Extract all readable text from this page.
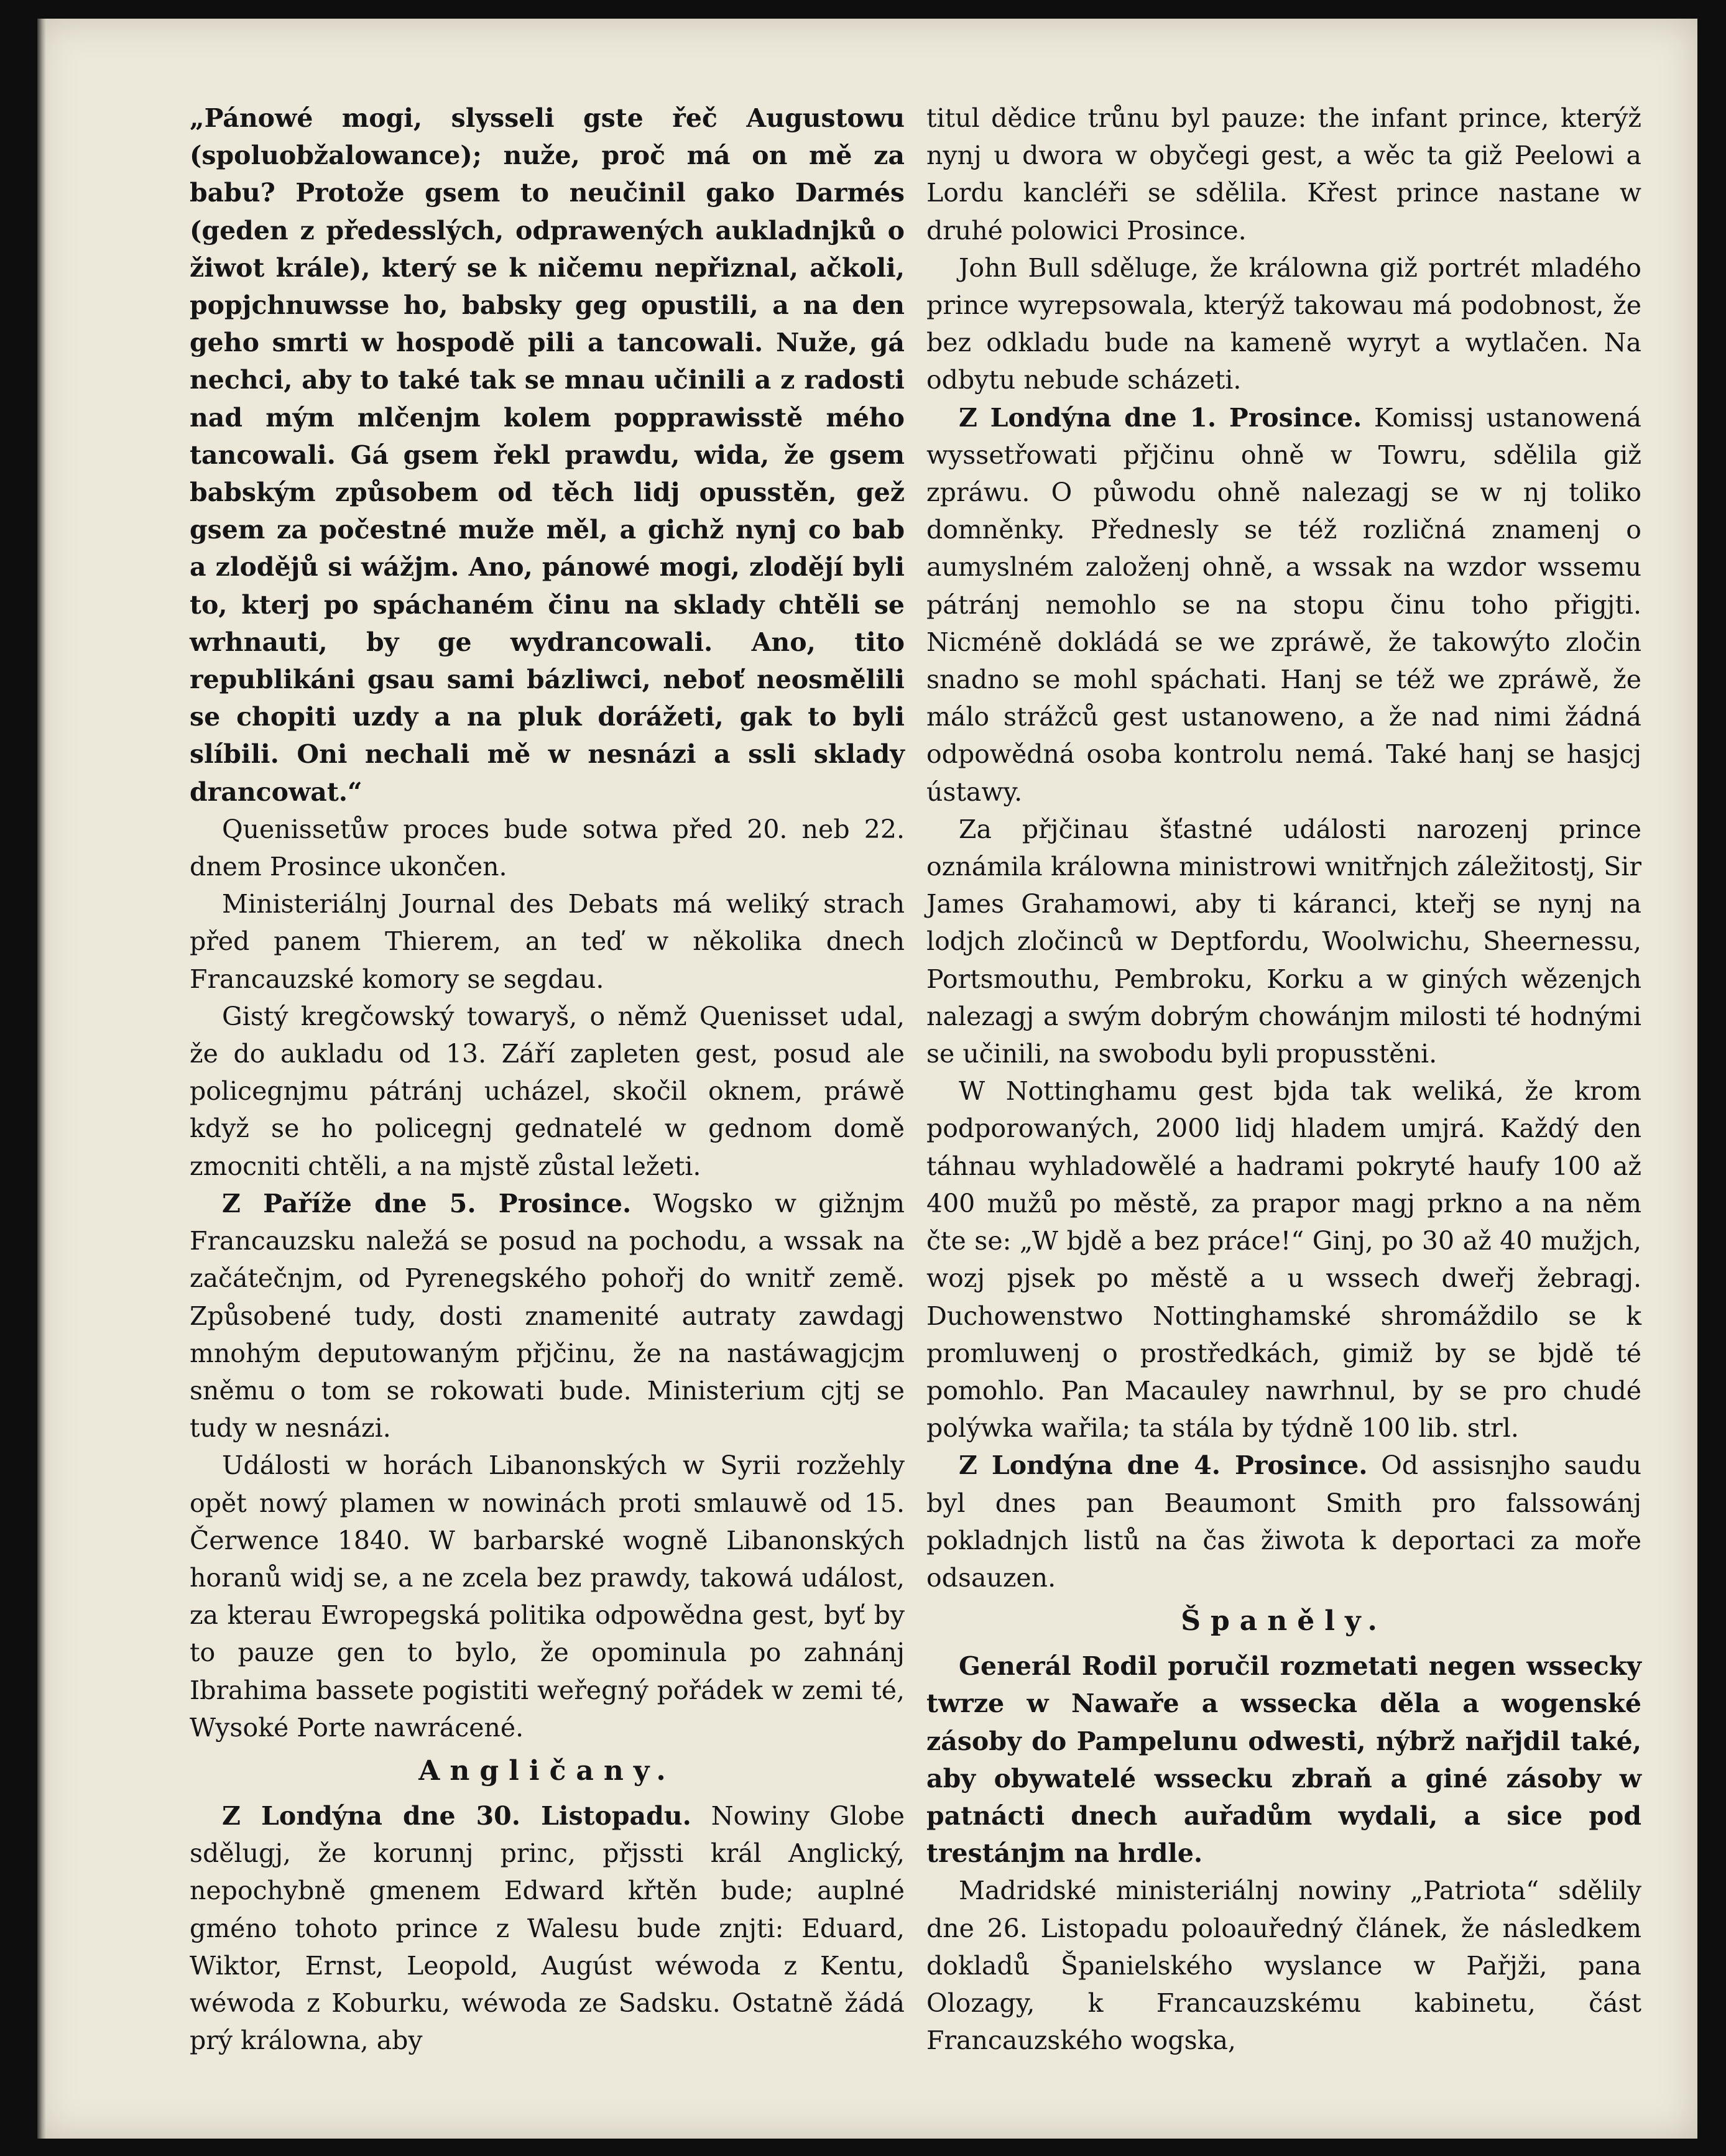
„Pánowé mogi, slysseli gste řeč Augustowu (spoluobžalowance); nuže, proč má on mě za babu? Protože gsem to neučinil gako Darmés (geden z předesslých, odprawených aukladnjků o žiwot krále), který se k ničemu nepřiznal, ačkoli, popjchnuwsse ho, babsky geg opustili, a na den geho smrti w hospodě pili a tancowali. Nuže, gá nechci, aby to také tak se mnau učinili a z radosti nad mým mlčenjm kolem popprawisstě mého tancowali. Gá gsem řekl prawdu, wida, že gsem babským způsobem od těch lidj opusstěn, gež gsem za počestné muže měl, a gichž nynj co bab a zlodějů si wážjm. Ano, pánowé mogi, zlodějí byli to, kterj po spáchaném činu na sklady chtěli se wrhnauti, by ge wydrancowali. Ano, tito republikáni gsau sami bázliwci, neboť neosmělili se chopiti uzdy a na pluk dorážeti, gak to byli slíbili. Oni nechali mě w nesnázi a ssli sklady drancowat.“

Quenissetůw proces bude sotwa před 20. neb 22. dnem Prosince ukončen.

Ministeriálnj Journal des Debats má weliký strach před panem Thierem, an teď w několika dnech Francauzské komory se segdau.

Gistý kregčowský towaryš, o němž Quenisset udal, že do aukladu od 13. Září zapleten gest, posud ale policegnjmu pátránj ucházel, skočil oknem, práwě když se ho policegnj gednatelé w gednom domě zmocniti chtěli, a na mjstě zůstal ležeti.

Z Paříže dne 5. Prosince. Wogsko w gižnjm Francauzsku naležá se posud na pochodu, a wssak na začátečnjm, od Pyrenegského pohořj do wnitř země. Způsobené tudy, dosti znamenité autraty zawdagj mnohým deputowaným přjčinu, že na nastáwagjcjm sněmu o tom se rokowati bude. Ministerium cjtj se tudy w nesnázi.

Události w horách Libanonských w Syrii rozžehly opět nowý plamen w nowinách proti smlauwě od 15. Čerwence 1840. W barbarské wogně Libanonských horanů widj se, a ne zcela bez prawdy, takowá událost, za kterau Ewropegská politika odpowědna gest, byť by to pauze gen to bylo, že opominula po zahnánj Ibrahima bassete pogistiti weřegný pořádek w zemi té, Wysoké Porte nawrácené.

Angličany.

Z Londýna dne 30. Listopadu. Nowiny Globe sdělugj, že korunnj princ, přjssti král Anglický, nepochybně gmenem Edward křtěn bude; auplné gméno tohoto prince z Walesu bude znjti: Eduard, Wiktor, Ernst, Leopold, Augúst wéwoda z Kentu, wéwoda z Koburku, wéwoda ze Sadsku. Ostatně žádá prý králowna, aby

titul dědice trůnu byl pauze: the infant prince, kterýž nynj u dwora w obyčegi gest, a wěc ta giž Peelowi a Lordu kancléři se sdělila. Křest prince nastane w druhé polowici Prosince.

John Bull sděluge, že králowna giž portrét mladého prince wyrepsowala, kterýž takowau má podobnost, že bez odkladu bude na kameně wyryt a wytlačen. Na odbytu nebude scházeti.

Z Londýna dne 1. Prosince. Komissj ustanowená wyssetřowati přjčinu ohně w Towru, sdělila giž zpráwu. O půwodu ohně nalezagj se w nj toliko domněnky. Přednesly se též rozličná znamenj o aumyslném založenj ohně, a wssak na wzdor wssemu pátránj nemohlo se na stopu činu toho přigjti. Nicméně dokládá se we zpráwě, že takowýto zločin snadno se mohl spáchati. Hanj se též we zpráwě, že málo strážců gest ustanoweno, a že nad nimi žádná odpowědná osoba kontrolu nemá. Také hanj se hasjcj ústawy.

Za přjčinau šťastné události narozenj prince oznámila králowna ministrowi wnitřnjch záležitostj, Sir James Grahamowi, aby ti káranci, kteřj se nynj na lodjch zločinců w Deptfordu, Woolwichu, Sheernessu, Portsmouthu, Pembroku, Korku a w giných wězenjch nalezagj a swým dobrým chowánjm milosti té hodnými se učinili, na swobodu byli propusstěni.

W Nottinghamu gest bjda tak weliká, že krom podporowaných, 2000 lidj hladem umjrá. Každý den táhnau wyhladowělé a hadrami pokryté haufy 100 až 400 mužů po městě, za prapor magj prkno a na něm čte se: „W bjdě a bez práce!“ Ginj, po 30 až 40 mužjch, wozj pjsek po městě a u wssech dweřj žebragj. Duchowenstwo Nottinghamské shromáždilo se k promluwenj o prostředkách, gimiž by se bjdě té pomohlo. Pan Macauley nawrhnul, by se pro chudé polýwka wařila; ta stála by týdně 100 lib. strl.

Z Londýna dne 4. Prosince. Od assisnjho saudu byl dnes pan Beaumont Smith pro falssowánj pokladnjch listů na čas žiwota k deportaci za moře odsauzen.

Španěly.

Generál Rodil poručil rozmetati negen wssecky twrze w Nawaře a wssecka děla a wogenské zásoby do Pampelunu odwesti, nýbrž nařjdil také, aby obywatelé wssecku zbraň a giné zásoby w patnácti dnech auřadům wydali, a sice pod trestánjm na hrdle.

Madridské ministeriálnj nowiny „Patriota“ sdělily dne 26. Listopadu poloauředný článek, že následkem dokladů Španielského wyslance w Pařjži, pana Olozagy, k Francauzskému kabinetu, část Francauzského wogska,
